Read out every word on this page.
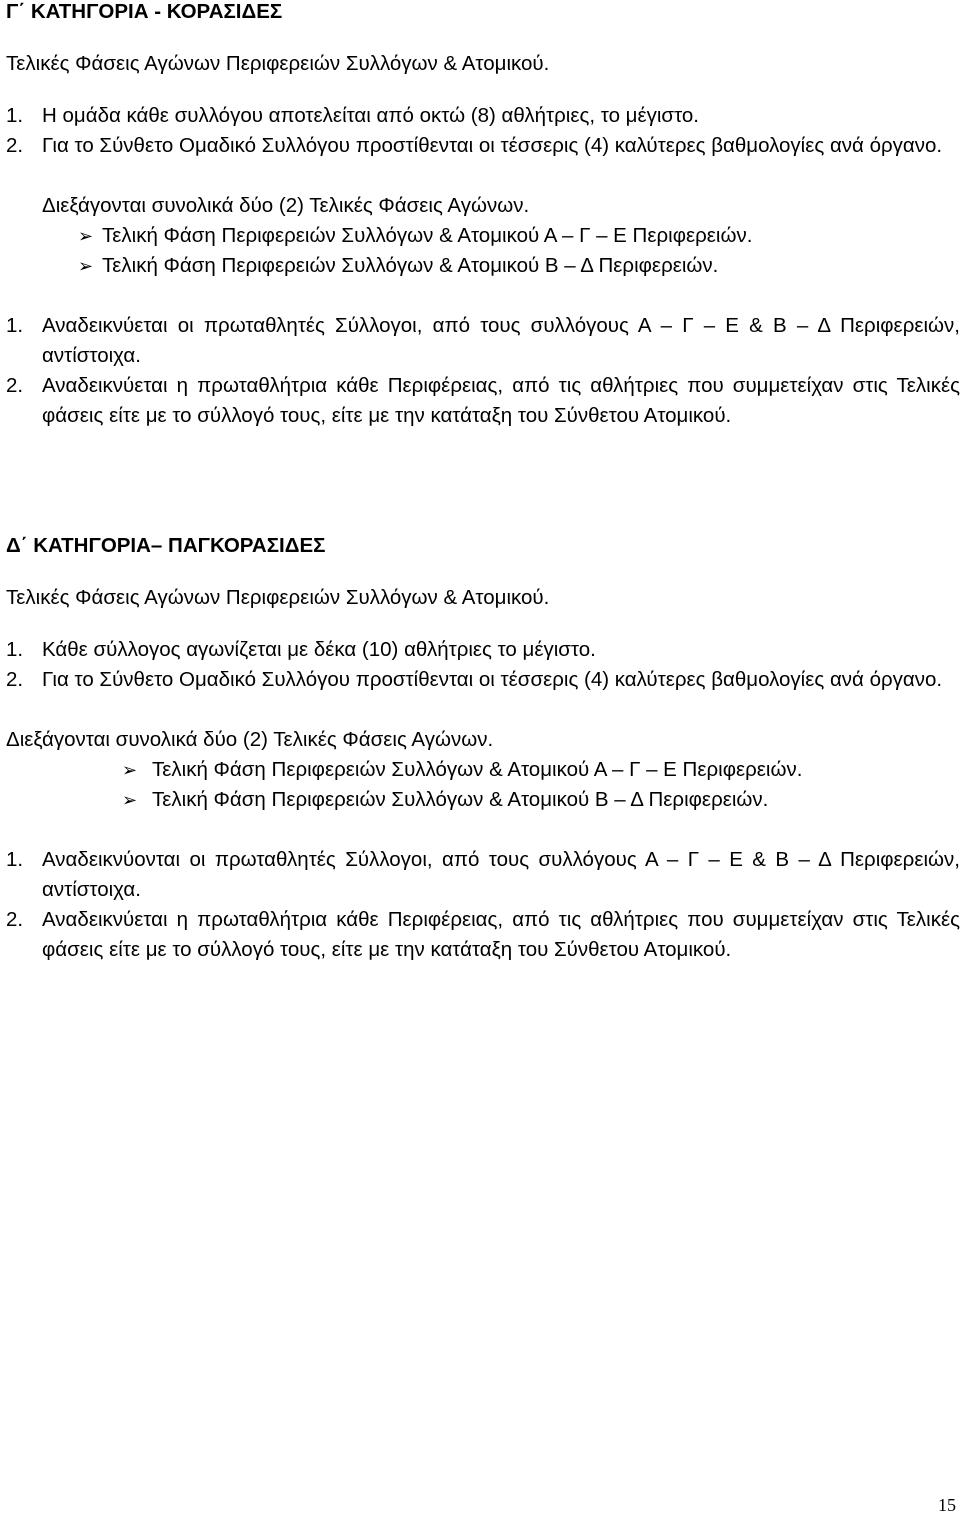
Γ΄ ΚΑΤΗΓΟΡΙΑ - ΚΟΡΑΣΙΔΕΣ

Τελικές Φάσεις Αγώνων Περιφερειών Συλλόγων & Ατομικού.

1. Η ομάδα κάθε συλλόγου αποτελείται από οκτώ (8) αθλήτριες, το μέγιστο.
2. Για το Σύνθετο Ομαδικό Συλλόγου προστίθενται οι τέσσερις (4) καλύτερες βαθμολογίες ανά όργανο.

Διεξάγονται συνολικά δύο (2) Τελικές Φάσεις Αγώνων.

➢ Τελική Φάση Περιφερειών Συλλόγων & Ατομικού Α – Γ – Ε Περιφερειών.
➢ Τελική Φάση Περιφερειών Συλλόγων & Ατομικού Β – Δ Περιφερειών.
1. Αναδεικνύεται οι πρωταθλητές Σύλλογοι, από τους συλλόγους Α – Γ – Ε & Β – Δ Περιφερειών, αντίστοιχα.
2. Αναδεικνύεται η πρωταθλήτρια κάθε Περιφέρειας, από τις αθλήτριες που συμμετείχαν στις Τελικές φάσεις είτε με το σύλλογό τους, είτε με την κατάταξη του Σύνθετου Ατομικού.

Δ΄ ΚΑΤΗΓΟΡΙΑ– ΠΑΓΚΟΡΑΣΙΔΕΣ

Τελικές Φάσεις Αγώνων Περιφερειών Συλλόγων & Ατομικού.

1. Κάθε σύλλογος αγωνίζεται με δέκα (10) αθλήτριες το μέγιστο.
2. Για το Σύνθετο Ομαδικό Συλλόγου προστίθενται οι τέσσερις (4) καλύτερες βαθμολογίες ανά όργανο.

Διεξάγονται συνολικά δύο (2) Τελικές Φάσεις Αγώνων.

➢ Τελική Φάση Περιφερειών Συλλόγων & Ατομικού Α – Γ – Ε Περιφερειών.
➢ Τελική Φάση Περιφερειών Συλλόγων & Ατομικού Β – Δ Περιφερειών.
1. Αναδεικνύονται οι πρωταθλητές Σύλλογοι, από τους συλλόγους Α – Γ – Ε & Β – Δ Περιφερειών, αντίστοιχα.
2. Αναδεικνύεται η πρωταθλήτρια κάθε Περιφέρειας, από τις αθλήτριες που συμμετείχαν στις Τελικές φάσεις είτε με το σύλλογό τους, είτε με την κατάταξη του Σύνθετου Ατομικού.
15
